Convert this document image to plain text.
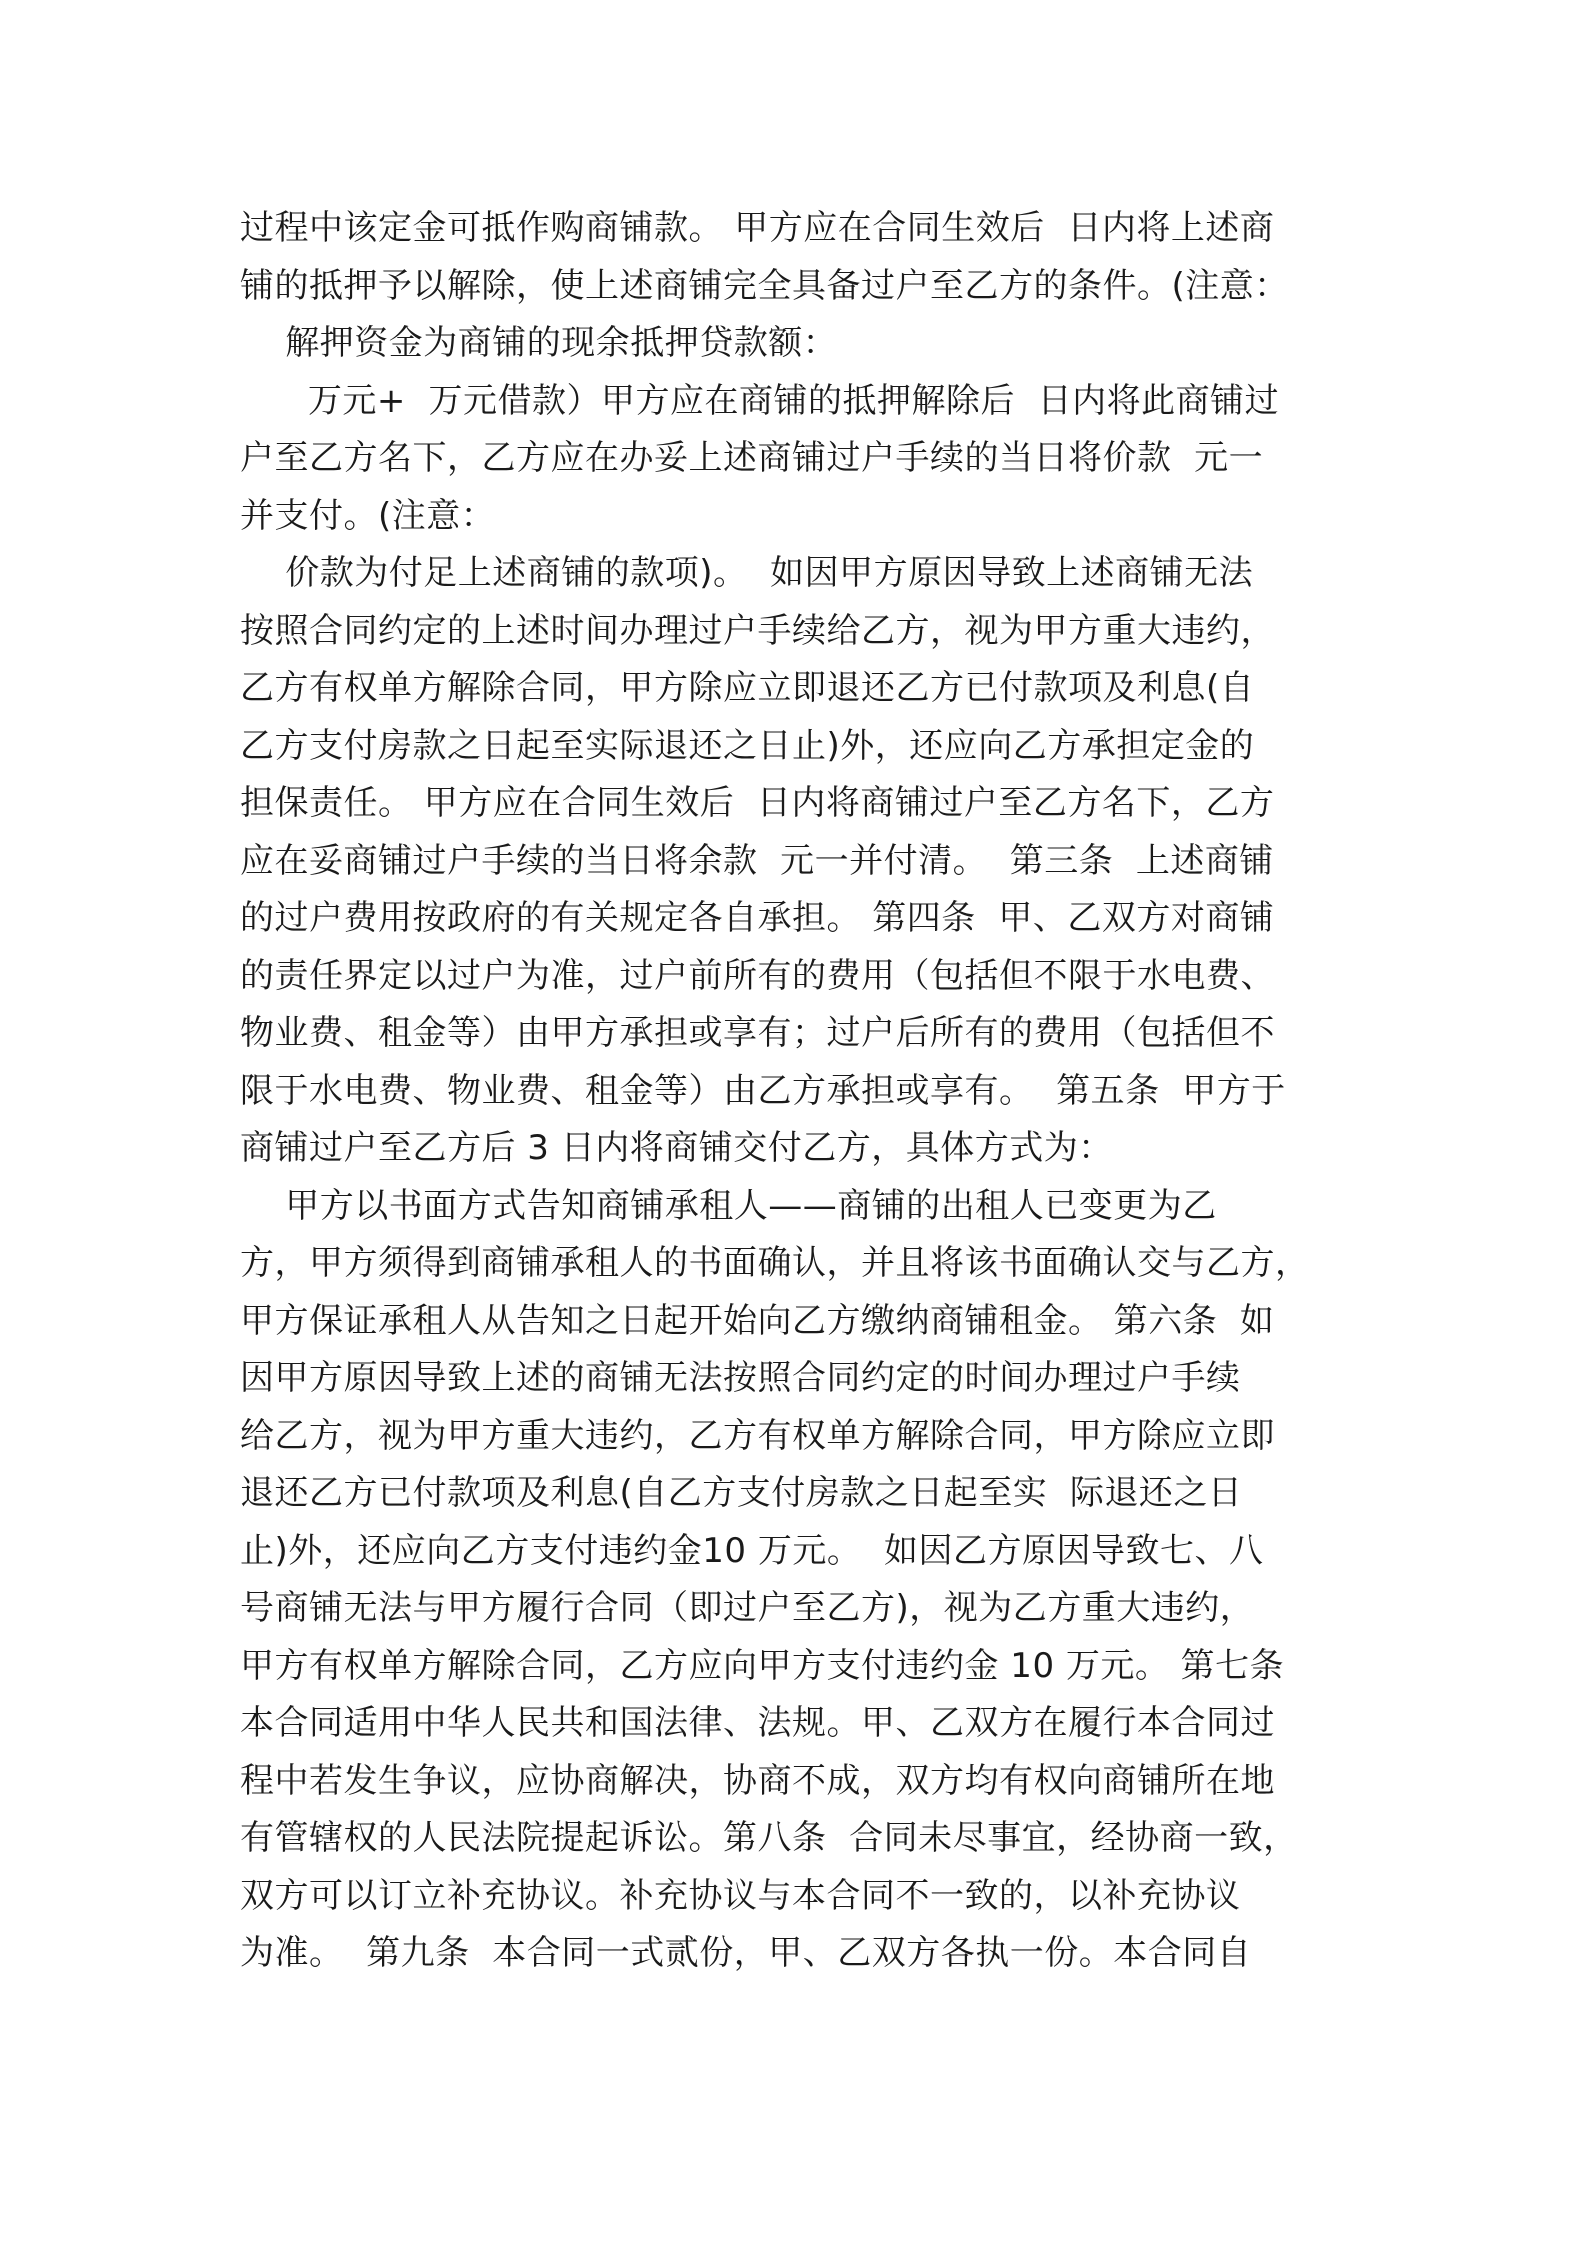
过程中该定金可抵作购商铺款。 甲方应在合同生效后  日内将上述商
铺的抵押予以解除，使上述商铺完全具备过户至乙方的条件。(注意：
解押资金为商铺的现余抵押贷款额：
万元+  万元借款）甲方应在商铺的抵押解除后  日内将此商铺过
户至乙方名下，乙方应在办妥上述商铺过户手续的当日将价款  元一
并支付。(注意：
价款为付足上述商铺的款项)。  如因甲方原因导致上述商铺无法
按照合同约定的上述时间办理过户手续给乙方，视为甲方重大违约，
乙方有权单方解除合同，甲方除应立即退还乙方已付款项及利息(自
乙方支付房款之日起至实际退还之日止)外，还应向乙方承担定金的
担保责任。 甲方应在合同生效后  日内将商铺过户至乙方名下，乙方
应在妥商铺过户手续的当日将余款  元一并付清。  第三条  上述商铺
的过户费用按政府的有关规定各自承担。 第四条  甲、乙双方对商铺
的责任界定以过户为准，过户前所有的费用（包括但不限于水电费、
物业费、租金等）由甲方承担或享有；过户后所有的费用（包括但不
限于水电费、物业费、租金等）由乙方承担或享有。  第五条  甲方于
商铺过户至乙方后 3 日内将商铺交付乙方，具体方式为：
甲方以书面方式告知商铺承租人——商铺的出租人已变更为乙
方，甲方须得到商铺承租人的书面确认，并且将该书面确认交与乙方，
甲方保证承租人从告知之日起开始向乙方缴纳商铺租金。 第六条  如
因甲方原因导致上述的商铺无法按照合同约定的时间办理过户手续
给乙方，视为甲方重大违约，乙方有权单方解除合同，甲方除应立即
退还乙方已付款项及利息(自乙方支付房款之日起至实  际退还之日
止)外，还应向乙方支付违约金10 万元。  如因乙方原因导致七、八
号商铺无法与甲方履行合同（即过户至乙方)，视为乙方重大违约，
甲方有权单方解除合同，乙方应向甲方支付违约金 10 万元。 第七条
本合同适用中华人民共和国法律、法规。甲、乙双方在履行本合同过
程中若发生争议，应协商解决，协商不成，双方均有权向商铺所在地
有管辖权的人民法院提起诉讼。第八条  合同未尽事宜，经协商一致，
双方可以订立补充协议。补充协议与本合同不一致的，以补充协议
为准。  第九条  本合同一式贰份，甲、乙双方各执一份。本合同自
